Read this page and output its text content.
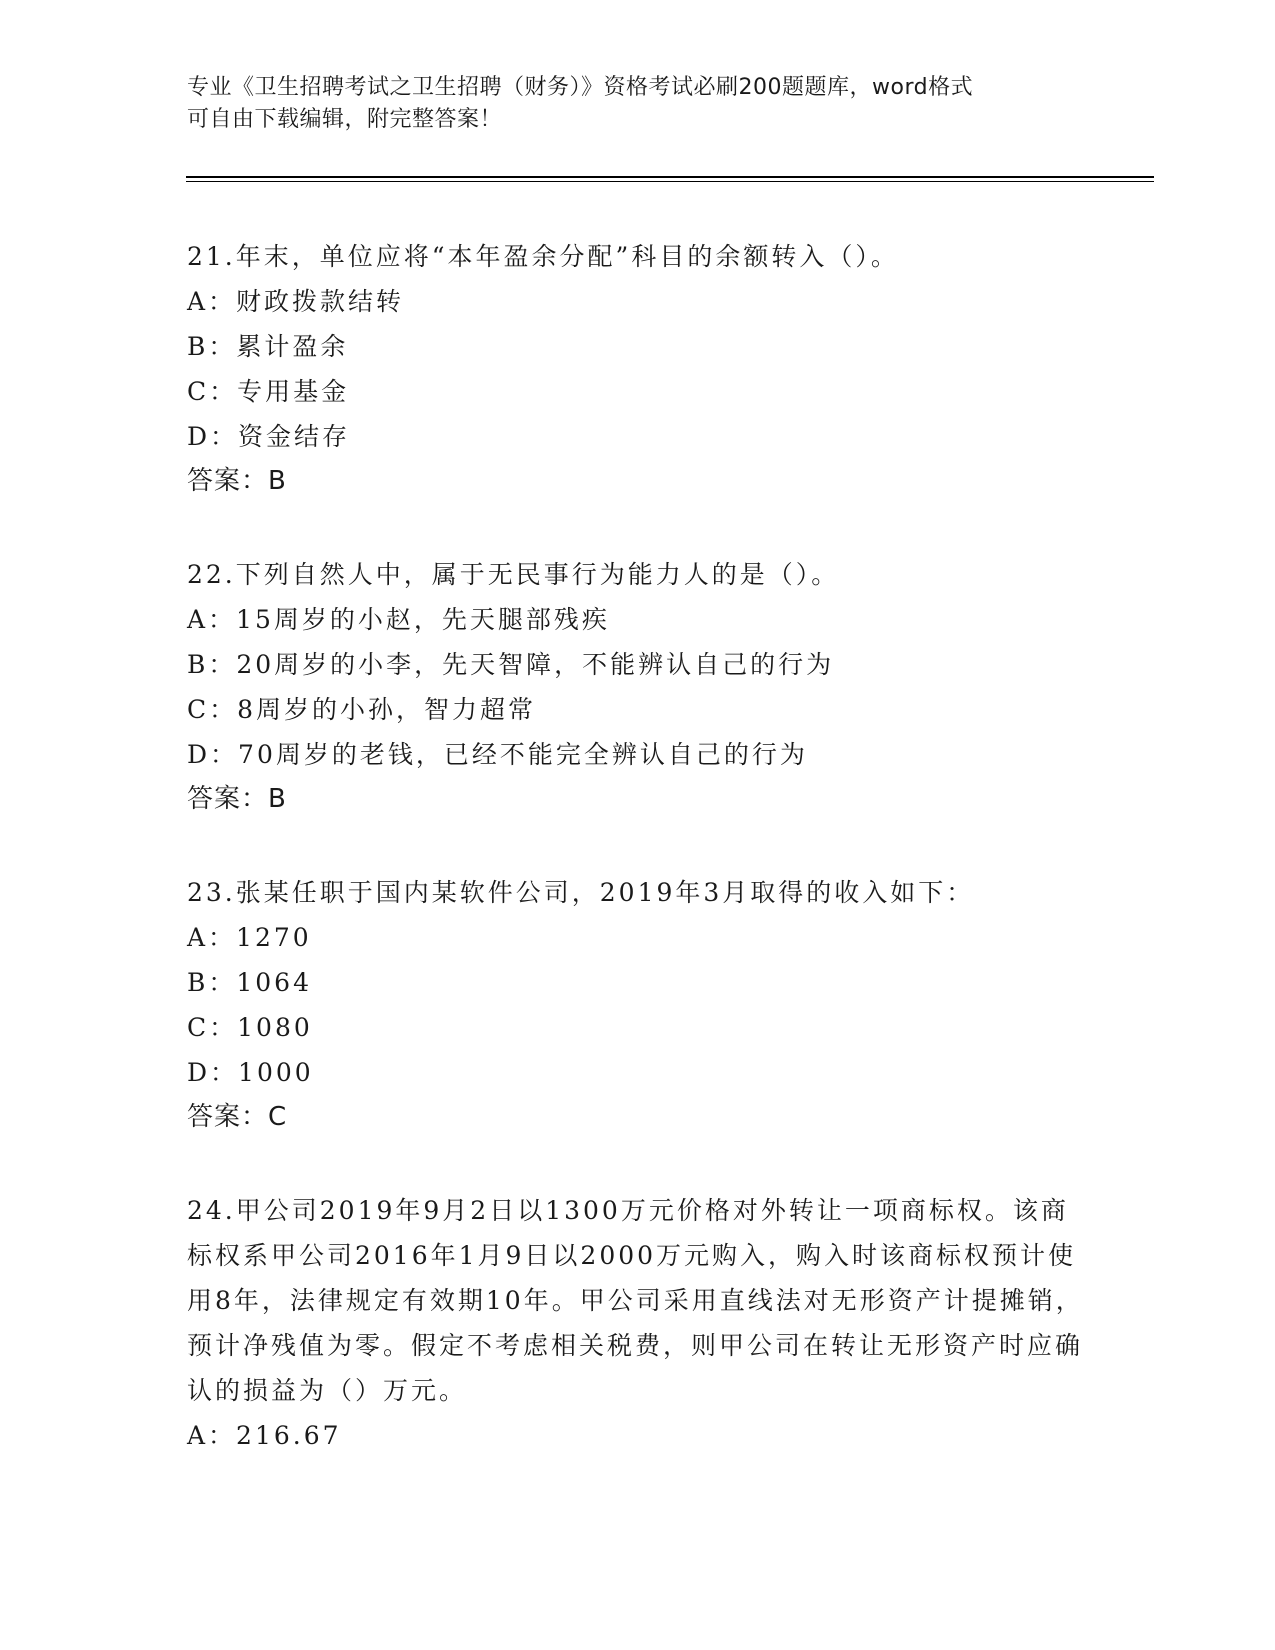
专业《卫生招聘考试之卫生招聘（财务）》资格考试必刷200题题库，word格式
可自由下载编辑，附完整答案！
21.年末，单位应将“本年盈余分配”科目的余额转入（）。
A：财政拨款结转
B：累计盈余
C：专用基金
D：资金结存
答案：B
22.下列自然人中，属于无民事行为能力人的是（）。
A：15周岁的小赵，先天腿部残疾
B：20周岁的小李，先天智障，不能辨认自己的行为
C：8周岁的小孙，智力超常
D：70周岁的老钱，已经不能完全辨认自己的行为
答案：B
23.张某任职于国内某软件公司，2019年3月取得的收入如下：
A：1270
B：1064
C：1080
D：1000
答案：C
24.甲公司2019年9月2日以1300万元价格对外转让一项商标权。该商标权系甲公司2016年1月9日以2000万元购入，购入时该商标权预计使用8年，法律规定有效期10年。甲公司采用直线法对无形资产计提摊销，预计净残值为零。假定不考虑相关税费，则甲公司在转让无形资产时应确认的损益为（）万元。
A：216.67
